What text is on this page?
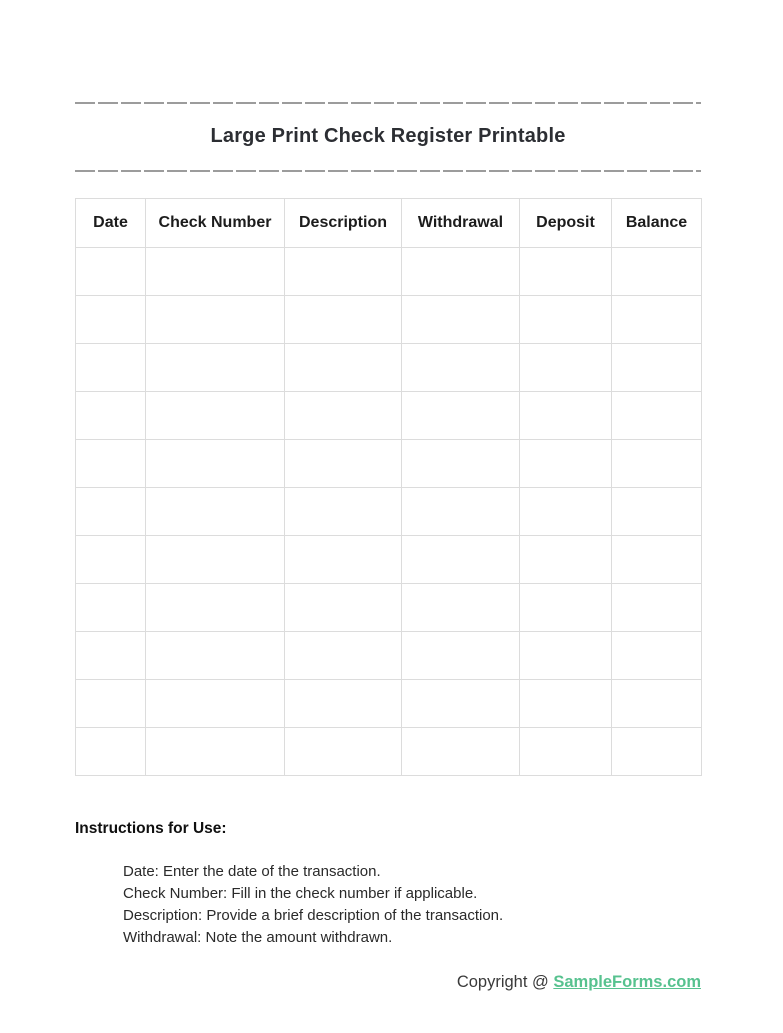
Large Print Check Register Printable
Date	Check Number	Description	Withdrawal	Deposit	Balance

Instructions for Use:
Date: Enter the date of the transaction.
Check Number: Fill in the check number if applicable.
Description: Provide a brief description of the transaction.
Withdrawal: Note the amount withdrawn.
Copyright @ SampleForms.com
